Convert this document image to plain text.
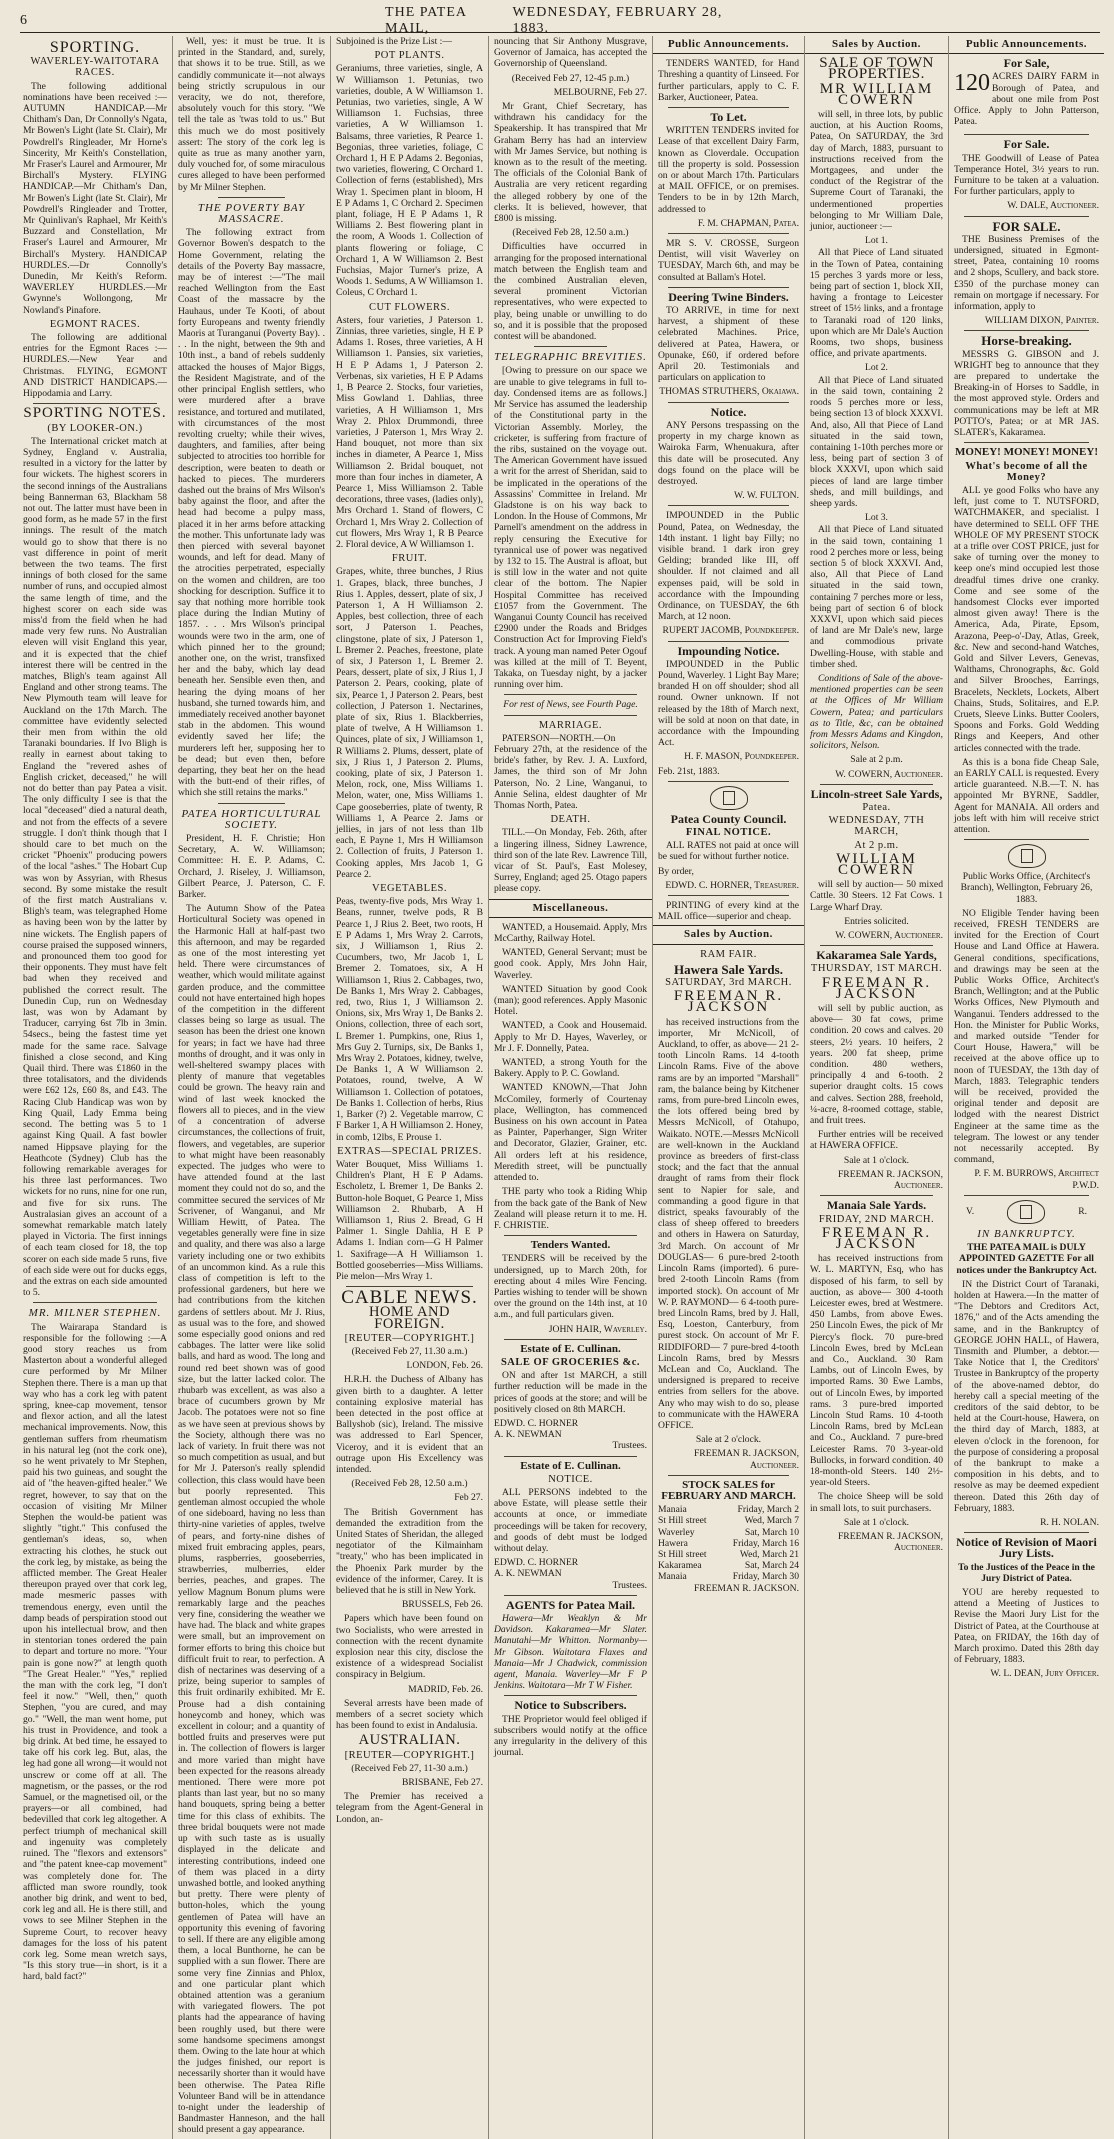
6
THE PATEA MAIL,
WEDNESDAY, FEBRUARY 28, 1883.
SPORTING.
WAVERLEY-WAITOTARA RACES.

The following additional nominations have been received :— AUTUMN HANDICAP.—Mr Chitham's Dan, Dr Connolly's Ngata, Mr Bowen's Light (late St. Clair), Mr Powdrell's Ringleader, Mr Horne's Sincerity, Mr Keith's Constellation, Mr Fraser's Laurel and Armourer, Mr Birchall's Mystery. FLYING HANDICAP.—Mr Chitham's Dan, Mr Bowen's Light (late St. Clair), Mr Powdrell's Ringleader and Trotter, Mr Quinlivan's Raphael, Mr Keith's Buzzard and Constellation, Mr Fraser's Laurel and Armourer, Mr Birchall's Mystery. HANDICAP HURDLES.—Dr Connolly's Dunedin, Mr Keith's Reform. WAVERLEY HURDLES.—Mr Gwynne's Wollongong, Mr Nowland's Pinafore.

EGMONT RACES.

The following are additional entries for the Egmont Races :— HURDLES.—New Year and Christmas. FLYING, EGMONT AND DISTRICT HANDICAPS.—Hippodamia and Larry.

SPORTING NOTES.
(BY LOOKER-ON.)

The International cricket match at Sydney, England v. Australia, resulted in a victory for the latter by four wickets. The highest scorers in the second innings of the Australians being Bannerman 63, Blackham 58 not out. The latter must have been in good form, as he made 57 in the first innings. The result of the match would go to show that there is no vast difference in point of merit between the two teams. The first innings of both closed for the same number of runs, and occupied almost the same length of time, and the highest scorer on each side was miss'd from the field when he had made very few runs. No Australian eleven will visit England this year, and it is expected that the chief interest there will be centred in the matches, Bligh's team against All England and other strong teams. The New Plymouth team will leave for Auckland on the 17th March. The committee have evidently selected their men from within the old Taranaki boundaries. If Ivo Bligh is really in earnest about taking to England the "revered ashes of English cricket, deceased," he will not do better than pay Patea a visit. The only difficulty I see is that the local "deceased" died a natural death, and not from the effects of a severe struggle. I don't think though that I should care to bet much on the cricket "Phoenix" producing powers of the local "ashes." The Hobart Cup was won by Assyrian, with Rhesus second. By some mistake the result of the first match Australians v. Bligh's team, was telegraphed Home as having been won by the latter by nine wickets. The English papers of course praised the supposed winners, and pronounced them too good for their opponents. They must have felt bad when they received and published the correct result. The Dunedin Cup, run on Wednesday last, was won by Adamant by Traducer, carrying 6st 7lb in 3min. 54secs., being the fastest time yet made for the same race. Salvage finished a close second, and King Quail third. There was £1860 in the three totalisators, and the dividends were £62 12s, £60 8s, and £43. The Racing Club Handicap was won by King Quail, Lady Emma being second. The betting was 5 to 1 against King Quail. A fast bowler named Hippsave playing for the Heathcote (Sydney) Club has the following remarkable averages for his three last performances. Two wickets for no runs, nine for one run, and five for six runs. The Australasian gives an account of a somewhat remarkable match lately played in Victoria. The first innings of each team closed for 18, the top scorer on each side made 5 runs, five of each side were out for ducks eggs, and the extras on each side amounted to 5.

MR. MILNER STEPHEN.

The Wairarapa Standard is responsible for the following :—A good story reaches us from Masterton about a wonderful alleged cure performed by Mr Milner Stephen there. There is a man up that way who has a cork leg with patent spring, knee-cap movement, tensor and flexor action, and all the latest mechanical improvements. Now, this gentleman suffers from rheumatism in his natural leg (not the cork one), so he went privately to Mr Stephen, paid his two guineas, and sought the aid of "the heaven-gifted healer." We regret, however, to say that on the occasion of visiting Mr Milner Stephen the would-be patient was slightly "tight." This confused the gentleman's ideas, so, when extracting his clothes, he stuck out the cork leg, by mistake, as being the afflicted member. The Great Healer thereupon prayed over that cork leg, made mesmeric passes with tremendous energy, even until the damp beads of perspiration stood out upon his intellectual brow, and then in stentorian tones ordered the pain to depart and torture no more. "Your pain is gone now?" at length quoth "The Great Healer." "Yes," replied the man with the cork leg, "I don't feel it now." "Well, then," quoth Stephen, "you are cured, and may go." "Well, the man went home, put his trust in Providence, and took a big drink. At bed time, he essayed to take off his cork leg. But, alas, the leg had gone all wrong—it would not unscrew or come off at all. The magnetism, or the passes, or the rod Samuel, or the magnetised oil, or the prayers—or all combined, had bedevilled that cork leg altogether. A perfect triumph of mechanical skill and ingenuity was completely ruined. The "flexors and extensors" and "the patent knee-cap movement" was completely done for. The afflicted man swore roundly, took another big drink, and went to bed, cork leg and all. He is there still, and vows to see Milner Stephen in the Supreme Court, to recover heavy damages for the loss of his patent cork leg. Some mean wretch says, "Is this story true—in short, is it a hard, bald fact?"

Well, yes: it must be true. It is printed in the Standard, and, surely, that shows it to be true. Still, as we candidly communicate it—not always being strictly scrupulous in our veracity, we do not, therefore, absolutely vouch for this story. "We tell the tale as 'twas told to us." But this much we do most positively assert: The story of the cork leg is quite as true as many another yarn, duly vouched for, of some miraculous cures alleged to have been performed by Mr Milner Stephen.

THE POVERTY BAY MASSACRE.

The following extract from Governor Bowen's despatch to the Home Government, relating the details of the Poverty Bay massacre, may be of interest :—"The mail reached Wellington from the East Coast of the massacre by the Hauhaus, under Te Kooti, of about forty Europeans and twenty friendly Maoris at Turanganui (Poverty Bay). . . . In the night, between the 9th and 10th inst., a band of rebels suddenly attacked the houses of Major Biggs, the Resident Magistrate, and of the other principal English settlers, who were murdered after a brave resistance, and tortured and mutilated, with circumstances of the most revolting cruelty; while their wives, daughters, and families, after being subjected to atrocities too horrible for description, were beaten to death or hacked to pieces. The murderers dashed out the brains of Mrs Wilson's baby against the floor, and after the head had become a pulpy mass, placed it in her arms before attacking the mother. This unfortunate lady was then pierced with several bayonet wounds, and left for dead. Many of the atrocities perpetrated, especially on the women and children, are too shocking for description. Suffice it to say that nothing more horrible took place during the Indian Mutiny of 1857. . . . Mrs Wilson's principal wounds were two in the arm, one of which pinned her to the ground; another one, on the wrist, transfixed her and the baby, which lay dead beneath her. Sensible even then, and hearing the dying moans of her husband, she turned towards him, and immediately received another bayonet stab in the abdomen. This wound evidently saved her life; the murderers left her, supposing her to be dead; but even then, before departing, they beat her on the head with the butt-end of their rifles, of which she still retains the marks."

PATEA HORTICULTURAL SOCIETY.

President, H. F. Christie; Hon Secretary, A. W. Williamson; Committee: H. E. P. Adams, C. Orchard, J. Riseley, J. Williamson, Gilbert Pearce, J. Paterson, C. F. Barker.

The Autumn Show of the Patea Horticultural Society was opened in the Harmonic Hall at half-past two this afternoon, and may be regarded as one of the most interesting yet held. There were circumstances of weather, which would militate against garden produce, and the committee could not have entertained high hopes of the competition in the different classes being so large as usual. The season has been the driest one known for years; in fact we have had three months of drought, and it was only in well-sheltered swampy places with plenty of manure that vegetables could be grown. The heavy rain and wind of last week knocked the flowers all to pieces, and in the view of a concentration of adverse circumstances, the collections of fruit, flowers, and vegetables, are superior to what might have been reasonably expected. The judges who were to have attended found at the last moment they could not do so, and the committee secured the services of Mr Scrivener, of Wanganui, and Mr William Hewitt, of Patea. The vegetables generally were fine in size and quality, and there was also a large variety including one or two exhibits of an uncommon kind. As a rule this class of competition is left to the professional gardeners, but here we had contributions from the kitchen gardens of settlers about. Mr J. Rius, as usual was to the fore, and showed some especially good onions and red cabbages. The latter were like solid balls, and hard as wood. The long and round red beet shown was of good size, but the latter lacked color. The rhubarb was excellent, as was also a brace of cucumbers grown by Mr Jacob. The potatoes were not so fine as we have seen at previous shows by the Society, although there was no lack of variety. In fruit there was not so much competition as usual, and but for Mr J. Paterson's really splendid collection, this class would have been but poorly represented. This gentleman almost occupied the whole of one sideboard, having no less than thirty-nine varieties of apples, twelve of pears, and forty-nine dishes of mixed fruit embracing apples, pears, plums, raspberries, gooseberries, strawberries, mulberries, elder berries, peaches, and grapes. The yellow Magnum Bonum plums were remarkably large and the peaches very fine, considering the weather we have had. The black and white grapes were small, but an improvement on former efforts to bring this choice but difficult fruit to rear, to perfection. A dish of nectarines was deserving of a prize, being superior to samples of this fruit ordinarily exhibited. Mr E. Prouse had a dish containing honeycomb and honey, which was excellent in colour; and a quantity of bottled fruits and preserves were put in. The collection of flowers is larger and more varied than might have been expected for the reasons already mentioned. There were more pot plants than last year, but no so many hand bouquets, spring being a better time for this class of exhibits. The three bridal bouquets were not made up with such taste as is usually displayed in the delicate and interesting contributions, indeed one of them was placed in a dirty unwashed bottle, and looked anything but pretty. There were plenty of button-holes, which the young gentlemen of Patea will have an opportunity this evening of favoring to sell. If there are any eligible among them, a local Bunthorne, he can be supplied with a sun flower. There are some very fine Zinnias and Phlox, and one particular plant which obtained attention was a geranium with variegated flowers. The pot plants had the appearance of having been roughly used, but there were some handsome specimens amongst them. Owing to the late hour at which the judges finished, our report is necessarily shorter than it would have been otherwise. The Patea Rifle Volunteer Band will be in attendance to-night under the leadership of Bandmaster Hanneson, and the hall should present a gay appearance.

Subjoined is the Prize List :—

POT PLANTS.

Geraniums, three varieties, single, A W Williamson 1. Petunias, two varieties, double, A W Williamson 1. Petunias, two varieties, single, A W Williamson 1. Fuchsias, three varieties, A W Williamson 1. Balsams, three varieties, R Pearce 1. Begonias, three varieties, foliage, C Orchard 1, H E P Adams 2. Begonias, two varieties, flowering, C Orchard 1. Collection of ferns (established), Mrs Wray 1. Specimen plant in bloom, H E P Adams 1, C Orchard 2. Specimen plant, foliage, H E P Adams 1, R Williams 2. Best flowering plant in the room, A Woods 1. Collection of plants flowering or foliage, C Orchard 1, A W Williamson 2. Best Fuchsias, Major Turner's prize, A Woods 1. Sedums, A W Williamson 1. Coleus, C Orchard 1.

CUT FLOWERS.

Asters, four varieties, J Paterson 1. Zinnias, three varieties, single, H E P Adams 1. Roses, three varieties, A H Williamson 1. Pansies, six varieties, H E P Adams 1, J Paterson 2. Verbenas, six varieties, H E P Adams 1, B Pearce 2. Stocks, four varieties, Miss Gowland 1. Dahlias, three varieties, A H Williamson 1, Mrs Wray 2. Phlox Drummondi, three varieties, J Paterson 1, Mrs Wray 2. Hand bouquet, not more than six inches in diameter, A Pearce 1, Miss Williamson 2. Bridal bouquet, not more than four inches in diameter, A Pearce 1, Miss Williamson 2. Table decorations, three vases, (ladies only), Mrs Orchard 1. Stand of flowers, C Orchard 1, Mrs Wray 2. Collection of cut flowers, Mrs Wray 1, R B Pearce 2. Floral device, A W Williamson 1.

FRUIT.

Grapes, white, three bunches, J Rius 1. Grapes, black, three bunches, J Rius 1. Apples, dessert, plate of six, J Paterson 1, A H Williamson 2. Apples, best collection, three of each sort, J Paterson 1. Peaches, clingstone, plate of six, J Paterson 1, L Bremer 2. Peaches, freestone, plate of six, J Paterson 1, L Bremer 2. Pears, dessert, plate of six, J Rius 1, J Paterson 2. Pears, cooking, plate of six, Pearce 1, J Paterson 2. Pears, best collection, J Paterson 1. Nectarines, plate of six, Rius 1. Blackberries, plate of twelve, A H Williamson 1. Quinces, plate of six, J Williamson 1, R Williams 2. Plums, dessert, plate of six, J Rius 1, J Paterson 2. Plums, cooking, plate of six, J Paterson 1. Melon, rock, one, Miss Williams 1. Melon, water, one, Miss Williams 1. Cape gooseberries, plate of twenty, R Williams 1, A Pearce 2. Jams or jellies, in jars of not less than 1lb each, E Payne 1, Mrs H Williamson 2. Collection of fruits, J Paterson 1. Cooking apples, Mrs Jacob 1, G Pearce 2.

VEGETABLES.

Peas, twenty-five pods, Mrs Wray 1. Beans, runner, twelve pods, R B Pearce 1, J Rius 2. Beet, two roots, H E P Adams 1, Mrs Wray 2. Carrots, six, J Williamson 1, Rius 2. Cucumbers, two, Mr Jacob 1, L Bremer 2. Tomatoes, six, A H Williamson 1, Rius 2. Cabbages, two, De Banks 1, Mrs Wray 2. Cabbages, red, two, Rius 1, J Williamson 2. Onions, six, Mrs Wray 1, De Banks 2. Onions, collection, three of each sort, L Bremer 1. Pumpkins, one, Rius 1, Mrs Guy 2. Turnips, six, De Banks 1, Mrs Wray 2. Potatoes, kidney, twelve, De Banks 1, A W Williamson 2. Potatoes, round, twelve, A W Williamson 1. Collection of potatoes, De Banks 1. Collection of herbs, Rius 1, Barker (?) 2. Vegetable marrow, C F Barker 1, A H Williamson 2. Honey, in comb, 12lbs, E Prouse 1.

EXTRAS—SPECIAL PRIZES.

Water Bouquet, Miss Williams 1. Children's Plant, H E P Adams. Escholetz, L Bremer 1, De Banks 2. Button-hole Boquet, G Pearce 1, Miss Williamson 2. Rhubarb, A H Williamson 1, Rius 2. Bread, G H Palmer 1. Single Dahlia, H E P Adams 1. Indian corn—G H Palmer 1. Saxifrage—A H Williamson 1. Bottled gooseberries—Miss Williams. Pie melon—Mrs Wray 1.

CABLE NEWS.
HOME AND FOREIGN.
[REUTER—COPYRIGHT.]

(Received Feb 27, 11.30 a.m.)

LONDON, Feb. 26.

H.R.H. the Duchess of Albany has given birth to a daughter. A letter containing explosive material has been detected in the post office at Ballyshob (sic), Ireland. The missive was addressed to Earl Spencer, Viceroy, and it is evident that an outrage upon His Excellency was intended.

(Received Feb 28, 12.50 a.m.)

Feb 27.

The British Government has demanded the extradition from the United States of Sheridan, the alleged negotiator of the Kilmainham "treaty," who has been implicated in the Phoenix Park murder by the evidence of the informer, Carey. It is believed that he is still in New York.

BRUSSELS, Feb 26.

Papers which have been found on two Socialists, who were arrested in connection with the recent dynamite explosion near this city, disclose the existence of a widespread Socialist conspiracy in Belgium.

MADRID, Feb. 26.

Several arrests have been made of members of a secret society which has been found to exist in Andalusia.

AUSTRALIAN.
[REUTER—COPYRIGHT.]

(Received Feb 27, 11-30 a.m.)

BRISBANE, Feb 27.

The Premier has received a telegram from the Agent-General in London, an-

nouncing that Sir Anthony Musgrave, Governor of Jamaica, has accepted the Governorship of Queensland.

(Received Feb 27, 12-45 p.m.)

MELBOURNE, Feb 27.

Mr Grant, Chief Secretary, has withdrawn his candidacy for the Speakership. It has transpired that Mr Graham Berry has had an interview with Mr James Service, but nothing is known as to the result of the meeting. The officials of the Colonial Bank of Australia are very reticent regarding the alleged robbery by one of the clerks. It is believed, however, that £800 is missing.

(Received Feb 28, 12.50 a.m.)

Difficulties have occurred in arranging for the proposed international match between the English team and the combined Australian eleven, several prominent Victorian representatives, who were expected to play, being unable or unwilling to do so, and it is possible that the proposed contest will be abandoned.

TELEGRAPHIC BREVITIES.

[Owing to pressure on our space we are unable to give telegrams in full to-day. Condensed items are as follows.] Mr Service has assumed the leadership of the Constitutional party in the Victorian Assembly. Morley, the cricketer, is suffering from fracture of the ribs, sustained on the voyage out. The American Government have issued a writ for the arrest of Sheridan, said to be implicated in the operations of the Assassins' Committee in Ireland. Mr Gladstone is on his way back to London. In the House of Commons, Mr Parnell's amendment on the address in reply censuring the Executive for tyrannical use of power was negatived by 132 to 15. The Austral is afloat, but is still low in the water and not quite clear of the bottom. The Napier Hospital Committee has received £1057 from the Government. The Wanganui County Council has received £2900 under the Roads and Bridges Construction Act for Improving Field's track. A young man named Peter Ogouf was killed at the mill of T. Beyent, Takaka, on Tuesday night, by a jacker running over him.

For rest of News, see Fourth Page.

MARRIAGE.

PATERSON—NORTH.—On February 27th, at the residence of the bride's father, by Rev. J. A. Luxford, James, the third son of Mr John Paterson, No. 2 Line, Wanganui, to Annie Selina, eldest daughter of Mr Thomas North, Patea.

DEATH.

TILL.—On Monday, Feb. 26th, after a lingering illness, Sidney Lawrence, third son of the late Rev. Lawrence Till, vicar of St. Paul's, East Molesey, Surrey, England; aged 25. Otago papers please copy.

Miscellaneous.

WANTED, a Housemaid. Apply, Mrs McCarthy, Railway Hotel.

WANTED, General Servant; must be good cook. Apply, Mrs John Hair, Waverley.

WANTED Situation by good Cook (man); good references. Apply Masonic Hotel.

WANTED, a Cook and Housemaid. Apply to Mr D. Hayes, Waverley, or Mr J. F. Donnelly, Patea.

WANTED, a strong Youth for the Bakery. Apply to P. C. Gowland.

WANTED KNOWN,—That John McComiley, formerly of Courtenay place, Wellington, has commenced Business on his own account in Patea as Painter, Paperhanger, Sign Writer and Decorator, Glazier, Grainer, etc. All orders left at his residence, Meredith street, will be punctually attended to.

THE party who took a Riding Whip from the back gate of the Bank of New Zealand will please return it to me. H. F. CHRISTIE.

Tenders Wanted.

TENDERS will be received by the undersigned, up to March 20th, for erecting about 4 miles Wire Fencing. Parties wishing to tender will be shown over the ground on the 14th inst, at 10 a.m., and full particulars given.

JOHN HAIR, Waverley.

Estate of E. Cullinan.
SALE OF GROCERIES &c.

ON and after 1st MARCH, a still further reduction will be made in the prices of goods at the store; and will be positively closed on 8th MARCH.

EDWD. C. HORNER
A. K. NEWMAN
Trustees.
Estate of E. Cullinan.
NOTICE.

ALL PERSONS indebted to the above Estate, will please settle their accounts at once, or immediate proceedings will be taken for recovery, and goods of debt must be lodged without delay.

EDWD. C. HORNER
A. K. NEWMAN
Trustees.
AGENTS for Patea Mail.

Hawera—Mr Weaklyn & Mr Davidson. Kakaramea—Mr Slater. Manutahi—Mr Whitton. Normanby—Mr Gibson. Waitotara Flaxes and Manaia—Mr J Chadwick, commission agent, Manaia. Waverley—Mr F P Jenkins. Waitotara—Mr T W Fisher.

Notice to Subscribers.

THE Proprietor would feel obliged if subscribers would notify at the office any irregularity in the delivery of this journal.

Public Announcements.

TENDERS WANTED, for Hand Threshing a quantity of Linseed. For further particulars, apply to C. F. Barker, Auctioneer, Patea.

To Let.

WRITTEN TENDERS invited for Lease of that excellent Dairy Farm, known as Cloverdale. Occupation till the property is sold. Possession on or about March 17th. Particulars at MAIL OFFICE, or on premises. Tenders to be in by 12th March, addressed to

F. M. CHAPMAN, Patea.

MR S. V. CROSSE, Surgeon Dentist, will visit Waverley on TUESDAY, March 6th, and may be consulted at Ballam's Hotel.

Deering Twine Binders.

TO ARRIVE, in time for next harvest, a shipment of these celebrated Machines. Price, delivered at Patea, Hawera, or Opunake, £60, if ordered before April 20. Testimonials and particulars on application to

THOMAS STRUTHERS, Okaiawa.

Notice.

ANY Persons trespassing on the property in my charge known as Wairoka Farm, Whenuakura, after this date will be prosecuted. Any dogs found on the place will be destroyed.

W. W. FULTON.

IMPOUNDED in the Public Pound, Patea, on Wednesday, the 14th instant. 1 light bay Filly; no visible brand. 1 dark iron grey Gelding; branded like III, off shoulder. If not claimed and all expenses paid, will be sold in accordance with the Impounding Ordinance, on TUESDAY, the 6th March, at 12 noon.

RUPERT JACOMB, Poundkeeper.

Impounding Notice.

IMPOUNDED in the Public Pound, Waverley. 1 Light Bay Mare; branded H on off shoulder; shod all round. Owner unknown. If not released by the 18th of March next, will be sold at noon on that date, in accordance with the Impounding Act.

H. F. MASON, Poundkeeper.

Feb. 21st, 1883.

Patea County Council.
FINAL NOTICE.

ALL RATES not paid at once will be sued for without further notice.

By order,

EDWD. C. HORNER, Treasurer.

PRINTING of every kind at the MAIL office—superior and cheap.

Sales by Auction.
RAM FAIR.
Hawera Sale Yards.
SATURDAY, 3rd MARCH.
FREEMAN R. JACKSON

has received instructions from the importer, Mr McNicoll, of Auckland, to offer, as above— 21 2-tooth Lincoln Rams. 14 4-tooth Lincoln Rams. Five of the above rams are by an imported "Marshall" ram, the balance being by Kitchener rams, from pure-bred Lincoln ewes, the lots offered being bred by Messrs McNicoll, of Otahupo, Waikato. NOTE.—Messrs McNicoll are well-known in the Auckland province as breeders of first-class stock; and the fact that the annual draught of rams from their flock sent to Napier for sale, and commanding a good figure in that district, speaks favourably of the class of sheep offered to breeders and others in Hawera on Saturday, 3rd March. On account of Mr DOUGLAS— 6 pure-bred 2-tooth Lincoln Rams (imported). 6 pure-bred 2-tooth Lincoln Rams (from imported stock). On account of Mr W. P. RAYMOND— 6 4-tooth pure-bred Lincoln Rams, bred by J. Hall, Esq, Loeston, Canterbury, from purest stock. On account of Mr F. RIDDIFORD— 7 pure-bred 4-tooth Lincoln Rams, bred by Messrs McLean and Co, Auckland. The undersigned is prepared to receive entries from sellers for the above. Any who may wish to do so, please to communicate with the HAWERA OFFICE.

Sale at 2 o'clock.

FREEMAN R. JACKSON, Auctioneer.

STOCK SALES for FEBRUARY AND MARCH.
Manaia	Friday, March 2
St Hill street	Wed, March 7
Waverley	Sat, March 10
Hawera	Friday, March 16
St Hill street	Wed, March 21
Kakaramea	Sat, March 24
Manaia	Friday, March 30

FREEMAN R. JACKSON.

Sales by Auction.
SALE OF TOWN PROPERTIES.
MR WILLIAM COWERN

will sell, in three lots, by public auction, at his Auction Rooms, Patea, On SATURDAY, the 3rd day of March, 1883, pursuant to instructions received from the Mortgagees, and under the conduct of the Registrar of the Supreme Court of Taranaki, the undermentioned properties belonging to Mr William Dale, junior, auctioneer :—

Lot 1.

All that Piece of Land situated in the Town of Patea, containing 15 perches 3 yards more or less, being part of section 1, block XII, having a frontage to Leicester street of 15½ links, and a frontage to Taranaki road of 120 links, upon which are Mr Dale's Auction Rooms, two shops, business office, and private apartments.

Lot 2.

All that Piece of Land situated in the said town, containing 2 roods 5 perches more or less, being section 13 of block XXXVI. And, also, All that Piece of Land situated in the said town, containing 1-10th perches more or less, being part of section 3 of block XXXVI, upon which said pieces of land are large timber sheds, and mill buildings, and sheep yards.

Lot 3.

All that Piece of Land situated in the said town, containing 1 rood 2 perches more or less, being section 5 of block XXXVI. And, also, All that Piece of Land situated in the said town, containing 7 perches more or less, being part of section 6 of block XXXVI, upon which said pieces of land are Mr Dale's new, large and commodious private Dwelling-House, with stable and timber shed.

Conditions of Sale of the above-mentioned properties can be seen at the Offices of Mr William Cowern, Patea; and particulars as to Title, &c, can be obtained from Messrs Adams and Kingdon, solicitors, Nelson.

Sale at 2 p.m.

W. COWERN, Auctioneer.

Lincoln-street Sale Yards,
Patea.
WEDNESDAY, 7TH MARCH,
At 2 p.m.
WILLIAM COWERN

will sell by auction— 50 mixed Cattle. 30 Steers. 12 Fat Cows. 1 Large Wharf Dray.

Entries solicited.

W. COWERN, Auctioneer.

Kakaramea Sale Yards,
THURSDAY, 1ST MARCH.
FREEMAN R. JACKSON

will sell by public auction, as above— 30 fat cows, prime condition. 20 cows and calves. 20 steers, 2½ years. 10 heifers, 2 years. 200 fat sheep, prime condition. 480 wethers, principally 4 and 6-tooth. 2 superior draught colts. 15 cows and calves. Section 288, freehold, ¼-acre, 8-roomed cottage, stable, and fruit trees.

Further entries will be received at HAWERA OFFICE.

Sale at 1 o'clock.

FREEMAN R. JACKSON, Auctioneer.

Manaia Sale Yards.
FRIDAY, 2ND MARCH.
FREEMAN R. JACKSON

has received instructions from W. L. MARTYN, Esq, who has disposed of his farm, to sell by auction, as above— 300 4-tooth Leicester ewes, bred at Westmere. 450 Lambs, from above Ewes. 250 Lincoln Ewes, the pick of Mr Piercy's flock. 70 pure-bred Lincoln Ewes, bred by McLean and Co., Auckland. 30 Ram Lambs, out of Lincoln Ewes, by imported Rams. 30 Ewe Lambs, out of Lincoln Ewes, by imported rams. 3 pure-bred imported Lincoln Stud Rams. 10 4-tooth Lincoln Rams, bred by McLean and Co., Auckland. 7 pure-bred Leicester Rams. 70 3-year-old Bullocks, in forward condition. 40 18-month-old Steers. 140 2½-year-old Steers.

The choice Sheep will be sold in small lots, to suit purchasers.

Sale at 1 o'clock.

FREEMAN R. JACKSON, Auctioneer.

Public Announcements.
For Sale,

120 ACRES DAIRY FARM in Borough of Patea, and about one mile from Post Office. Apply to John Patterson, Patea.

For Sale.

THE Goodwill of Lease of Patea Temperance Hotel, 3½ years to run. Furniture to be taken at a valuation. For further particulars, apply to

W. DALE, Auctioneer.

FOR SALE.

THE Business Premises of the undersigned, situated in Egmont-street, Patea, containing 10 rooms and 2 shops, Scullery, and back store. £350 of the purchase money can remain on mortgage if necessary. For information, apply to

WILLIAM DIXON, Painter.

Horse-breaking.

MESSRS G. GIBSON and J. WRIGHT beg to announce that they are prepared to undertake the Breaking-in of Horses to Saddle, in the most approved style. Orders and communications may be left at MR POTTO's, Patea; or at MR JAS. SLATER's, Kakaramea.

MONEY! MONEY! MONEY!
What's become of all the Money?

ALL ye good Folks who have any left, just come to T. NUTSFORD, WATCHMAKER, and specialist. I have determined to SELL OFF THE WHOLE OF MY PRESENT STOCK at a trifle over COST PRICE, just for sake of turning over the money to keep one's mind occupied lest those dreadful times drive one cranky. Come and see some of the handsomest Clocks ever imported almost given away! There is the America, Ada, Pirate, Epsom, Arazona, Peep-o'-Day, Atlas, Greek, &c. New and second-hand Watches, Gold and Silver Levers, Genevas, Walthams, Chronographs, &c. Gold and Silver Brooches, Earrings, Bracelets, Necklets, Lockets, Albert Chains, Studs, Solitaires, and E.P. Cruets, Sleeve Links. Butter Coolers, Spoons and Forks. Gold Wedding Rings and Keepers, And other articles connected with the trade.

As this is a bona fide Cheap Sale, an EARLY CALL is requested. Every article guaranteed. N.B.—T. N. has appointed Mr BYRNE, Saddler, Agent for MANAIA. All orders and jobs left with him will receive strict attention.

Public Works Office, (Architect's Branch), Wellington, February 26, 1883.

NO Eligible Tender having been received, FRESH TENDERS are invited for the Erection of Court House and Land Office at Hawera. General conditions, specifications, and drawings may be seen at the Public Works Office, Architect's Branch, Wellington; and at the Public Works Offices, New Plymouth and Wanganui. Tenders addressed to the Hon. the Minister for Public Works, and marked outside "Tender for Court House, Hawera," will be received at the above office up to noon of TUESDAY, the 13th day of March, 1883. Telegraphic tenders will be received, provided the original tender and deposit are lodged with the nearest District Engineer at the same time as the telegram. The lowest or any tender not necessarily accepted. By command,

P. F. M. BURROWS, Architect P.W.D.

V.	R.
IN BANKRUPTCY.

THE PATEA MAIL is DULY APPOINTED GAZETTE For all notices under the Bankruptcy Act.

IN the District Court of Taranaki, holden at Hawera.—In the matter of "The Debtors and Creditors Act, 1876," and of the Acts amending the same, and in the Bankruptcy of GEORGE JOHN HALL, of Hawera, Tinsmith and Plumber, a debtor.—Take Notice that I, the Creditors' Trustee in Bankruptcy of the property of the above-named debtor, do hereby call a special meeting of the creditors of the said debtor, to be held at the Court-house, Hawera, on the third day of March, 1883, at eleven o'clock in the forenoon, for the purpose of considering a proposal of the bankrupt to make a composition in his debts, and to resolve as may be deemed expedient thereon. Dated this 26th day of February, 1883.

R. H. NOLAN.

Notice of Revision of Maori Jury Lists.

To the Justices of the Peace in the Jury District of Patea.

YOU are hereby requested to attend a Meeting of Justices to Revise the Maori Jury List for the District of Patea, at the Courthouse at Patea, on FRIDAY, the 16th day of March proximo. Dated this 28th day of February, 1883.

W. L. DEAN, Jury Officer.
